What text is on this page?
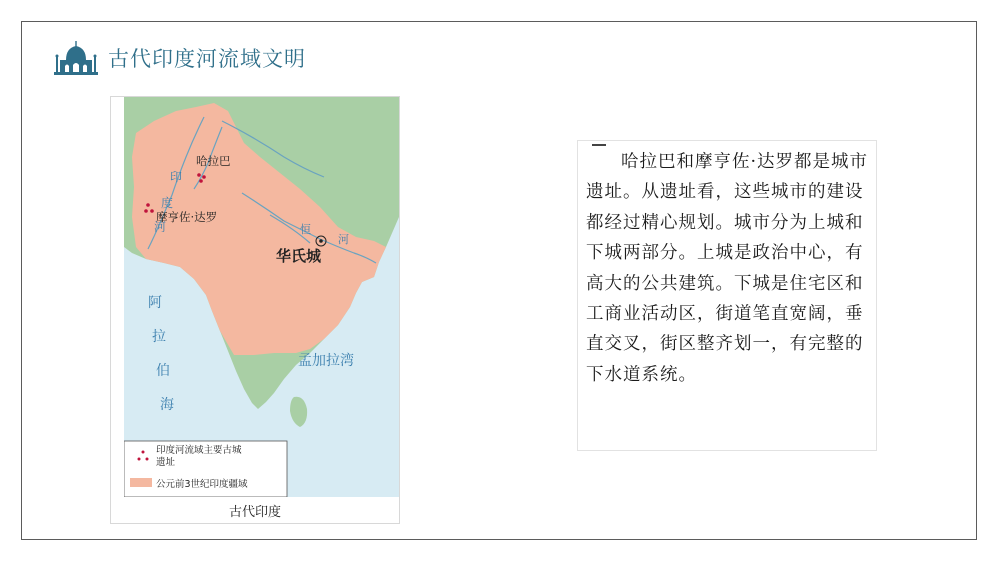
古代印度河流域文明
哈拉巴
摩亨佐·达罗
华氏城
印
度
河	恒
河
阿
拉
伯
海
孟加拉湾
印度河流域主要古城
遗址
公元前3世纪印度疆域
古代印度

哈拉巴和摩亨佐·达罗都是城市遗址。从遗址看，这些城市的建设都经过精心规划。城市分为上城和下城两部分。上城是政治中心，有高大的公共建筑。下城是住宅区和工商业活动区，街道笔直宽阔，垂直交叉，街区整齐划一，有完整的下水道系统。
